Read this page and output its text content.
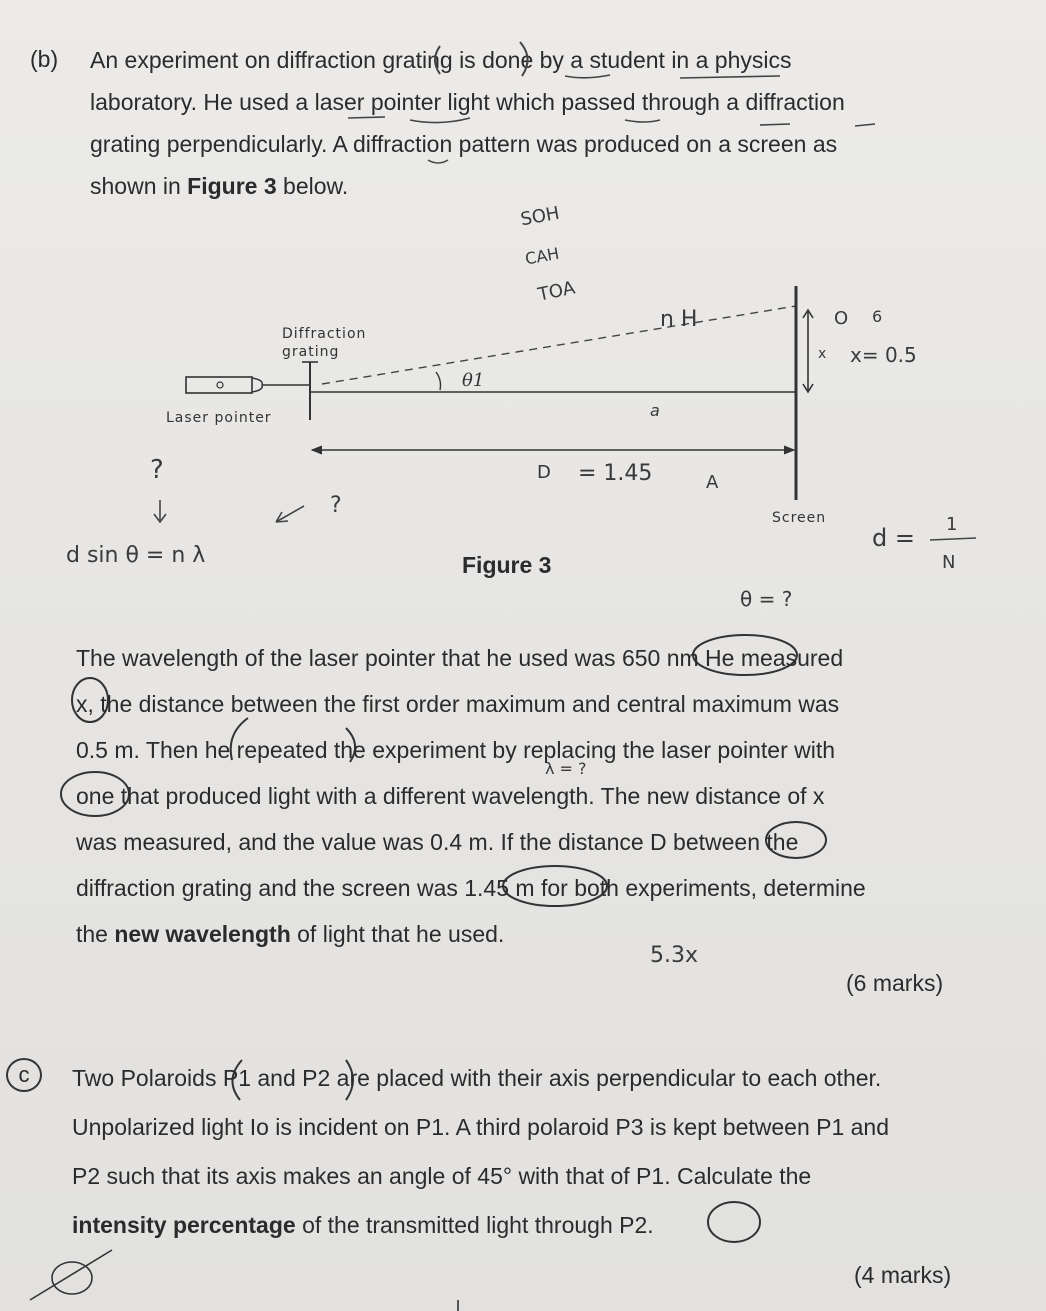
(b) An experiment on diffraction grating is done by a student in a physics
laboratory. He used a laser pointer light which passed through a diffraction
grating perpendicularly. A diffraction pattern was produced on a screen as
shown in Figure 3 below.
Diffraction
grating
Laser pointer
Screen
θ1
D
SOH
CAH
TOA
n H	O 6
x x= 0.5
a
= 1.45	A
?
?
d sin θ = n λ
d = 1
N
θ = ?
λ = ?
5.3x
Figure 3
The wavelength of the laser pointer that he used was 650 nm He measured
x, the distance between the first order maximum and central maximum was
0.5 m. Then he repeated the experiment by replacing the laser pointer with
one that produced light with a different wavelength. The new distance of x
was measured, and the value was 0.4 m. If the distance D between the
diffraction grating and the screen was 1.45 m for both experiments, determine
the new wavelength of light that he used.
(6 marks)
c	Two Polaroids P1 and P2 are placed with their axis perpendicular to each other.
Unpolarized light Io is incident on P1. A third polaroid P3 is kept between P1 and
P2 such that its axis makes an angle of 45° with that of P1. Calculate the
intensity percentage of the transmitted light through P2.
(4 marks)
